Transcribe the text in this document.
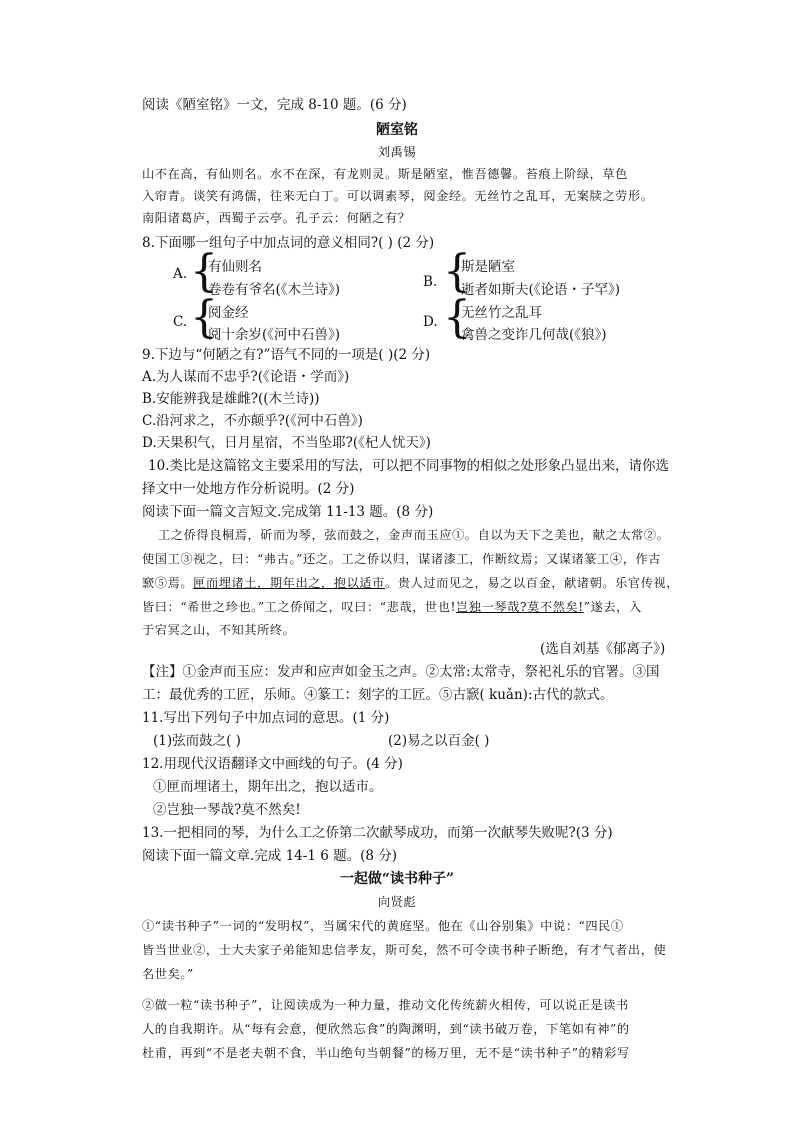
阅读《陋室铭》一文，完成 8-10 题。(6 分)
陋室铭
刘禹锡
山不在高，有仙则名。水不在深，有龙则灵。斯是陋室，惟吾德馨。苔痕上阶绿，草色
入帘青。谈笑有鸿儒，往来无白丁。可以调素琴，阅金经。无丝竹之乱耳，无案牍之劳形。
南阳诸葛庐，西蜀子云亭。孔子云：何陋之有？
8.下面哪一组句子中加点词的意义相同?( ) (2 分)
A. {
有仙则名
卷卷有爷名(《木兰诗》)	B. {
斯是陋室
逝者如斯夫(《论语・子罕》)
C. {
阅金经
阅十余岁(《河中石兽》)
D. {
无丝竹之乱耳
禽兽之变诈几何哉(《狼》)
9.下边与“何陋之有?”语气不同的一项是( )(2 分)
A.为人谋而不忠乎?(《论语・学而》)
B.安能辨我是雄雌?((木兰诗))
C.沿河求之，不亦颠乎?(《河中石兽》)
D.天果积气，日月星宿，不当坠耶?(《杞人忧天》)
10.类比是这篇铭文主要采用的写法，可以把不同事物的相似之处形象凸显出来，请你选
择文中一处地方作分析说明。(2 分)
阅读下面一篇文言短文.完成第 11-13 题。(8 分)
工之侨得良桐焉，斫而为琴，弦而鼓之，金声而玉应①。自以为天下之美也，献之太常②。
使国工③视之，曰：“弗古。”还之。工之侨以归，谋诸漆工，作断纹焉；又谋诸篆工④，作古
窾⑤焉。匣而埋诸土，期年出之，抱以适市。贵人过而见之，易之以百金，献诸朝。乐官传视，
皆曰：“希世之珍也。”工之侨闻之，叹曰：“悲哉，世也!岂独一琴哉?莫不然矣!”遂去，入
于宕冥之山，不知其所终。
(选自刘基《郁离子》)
【注】①金声而玉应：发声和应声如金玉之声。②太常:太常寺，祭祀礼乐的官署。③国
工：最优秀的工匠，乐师。④篆工：刻字的工匠。⑤古窾( kuǎn):古代的款式。
11.写出下列句子中加点词的意思。(1 分)
(1)弦而鼓之( )	(2)易之以百金( )
12.用现代汉语翻译文中画线的句子。(4 分)
①匣而埋诸土，期年出之，抱以适市。
②岂独一琴哉?莫不然矣!
13.一把相同的琴，为什么工之侨第二次献琴成功，而第一次献琴失败呢?(3 分)
阅读下面一篇文章.完成 14-1 6 题。(8 分)
一起做“读书种子”
向贤彪
①“读书种子”一词的“发明权”，当属宋代的黄庭坚。他在《山谷别集》中说：“四民①
皆当世业②，士大夫家子弟能知忠信孝友，斯可矣，然不可令读书种子断绝，有才气者出，使
名世矣。”
②做一粒“读书种子”，让阅读成为一种力量，推动文化传统薪火相传，可以说正是读书
人的自我期许。从“每有会意，便欣然忘食”的陶渊明，到“读书破万卷，下笔如有神”的
杜甫，再到“不是老夫朝不食，半山绝句当朝餐”的杨万里，无不是“读书种子”的精彩写
